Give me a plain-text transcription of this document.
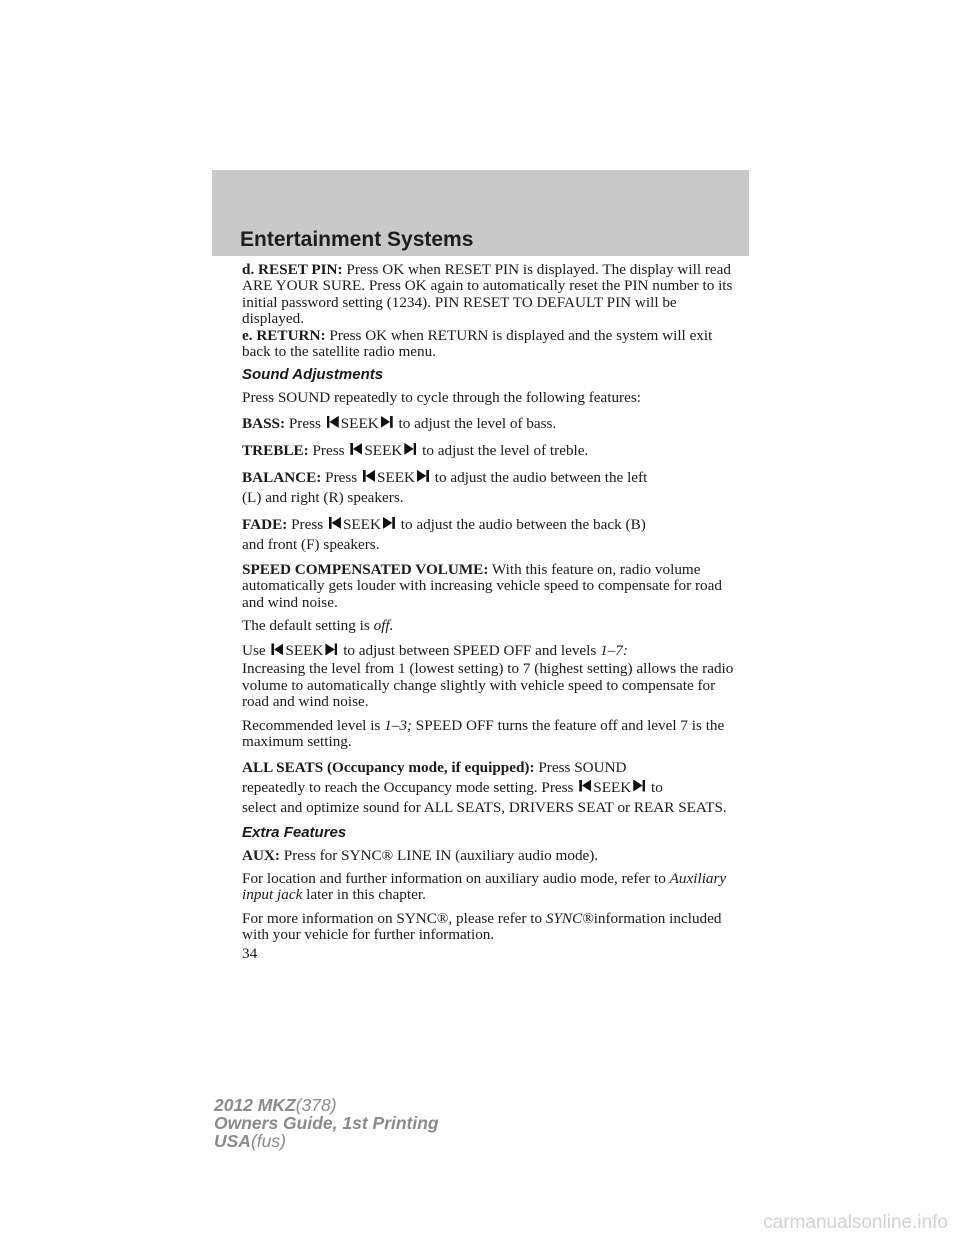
Entertainment Systems

d. RESET PIN: Press OK when RESET PIN is displayed. The display will read ARE YOUR SURE. Press OK again to automatically reset the PIN number to its initial password setting (1234). PIN RESET TO DEFAULT PIN will be displayed.

e. RETURN: Press OK when RETURN is displayed and the system will exit back to the satellite radio menu.

Sound Adjustments

Press SOUND repeatedly to cycle through the following features:

BASS: Press SEEK to adjust the level of bass.

TREBLE: Press SEEK to adjust the level of treble.

BALANCE: Press SEEK to adjust the audio between the left
(L) and right (R) speakers.

FADE: Press SEEK to adjust the audio between the back (B)
and front (F) speakers.

SPEED COMPENSATED VOLUME: With this feature on, radio volume automatically gets louder with increasing vehicle speed to compensate for road and wind noise.

The default setting is off.

Use SEEK to adjust between SPEED OFF and levels 1–7:

Increasing the level from 1 (lowest setting) to 7 (highest setting) allows the radio volume to automatically change slightly with vehicle speed to compensate for road and wind noise.

Recommended level is 1–3; SPEED OFF turns the feature off and level 7 is the maximum setting.

ALL SEATS (Occupancy mode, if equipped): Press SOUND
repeatedly to reach the Occupancy mode setting. Press SEEK to
select and optimize sound for ALL SEATS, DRIVERS SEAT or REAR SEATS.

Extra Features

AUX: Press for SYNC® LINE IN (auxiliary audio mode).

For location and further information on auxiliary audio mode, refer to Auxiliary input jack later in this chapter.

For more information on SYNC®, please refer to SYNC®information included with your vehicle for further information.

34
2012 MKZ(378)
Owners Guide, 1st Printing
USA(fus)
carmanualsonline.info
